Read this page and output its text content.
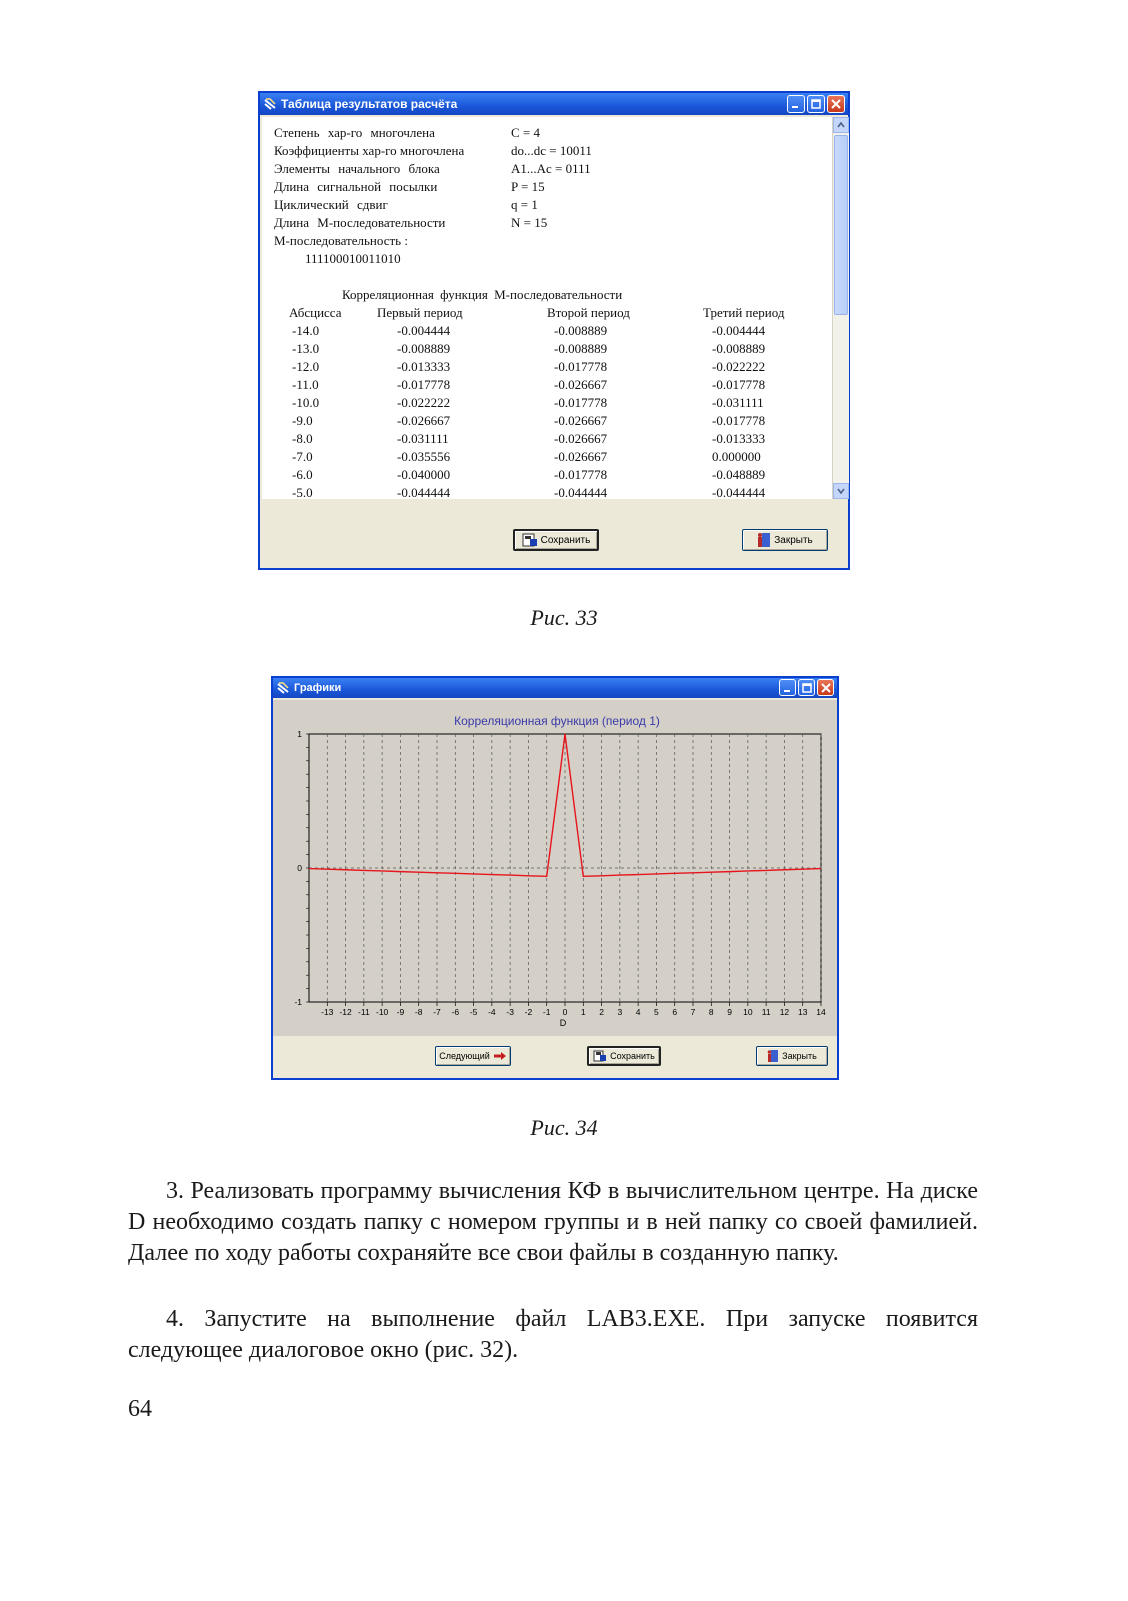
Таблица результатов расчёта
Степень хар-го многочлена	C = 4
Коэффициенты хар-го многочлена	do...dc = 10011
Элементы начального блока	A1...Ac = 0111
Длина сигнальной посылки	P = 15
Циклический сдвиг	q = 1
Длина М-последовательности	N = 15
М-последовательность :
111100010011010
Корреляционная функция М-последовательности
Абсцисса	Первый период	Второй период	Третий период
-14.0	-0.004444	-0.008889	-0.004444
-13.0	-0.008889	-0.008889	-0.008889
-12.0	-0.013333	-0.017778	-0.022222
-11.0	-0.017778	-0.026667	-0.017778
-10.0	-0.022222	-0.017778	-0.031111
-9.0	-0.026667	-0.026667	-0.017778
-8.0	-0.031111	-0.026667	-0.013333
-7.0	-0.035556	-0.026667	0.000000
-6.0	-0.040000	-0.017778	-0.048889
-5.0	-0.044444	-0.044444	-0.044444
Сохранить	Закрыть
Рис. 33
Графики
-13 -12 -11 -10 -9 -8 -7 -6 -5 -4 -3 -2 -1 0 1 2 3 4 5 6 7 8 9 10 11 12 13 14
-1
0
1
Корреляционная функция (период 1)
D
Следующий	Сохранить	Закрыть
Рис. 34
3. Реализовать программу вычисления КФ в вычислительном центре. На диске D необходимо создать папку с номером группы и в ней папку со своей фамилией. Далее по ходу работы сохраняйте все свои файлы в созданную папку.
4. Запустите на выполнение файл LAB3.EXE. При запуске появится следующее диалоговое окно (рис. 32).
64
